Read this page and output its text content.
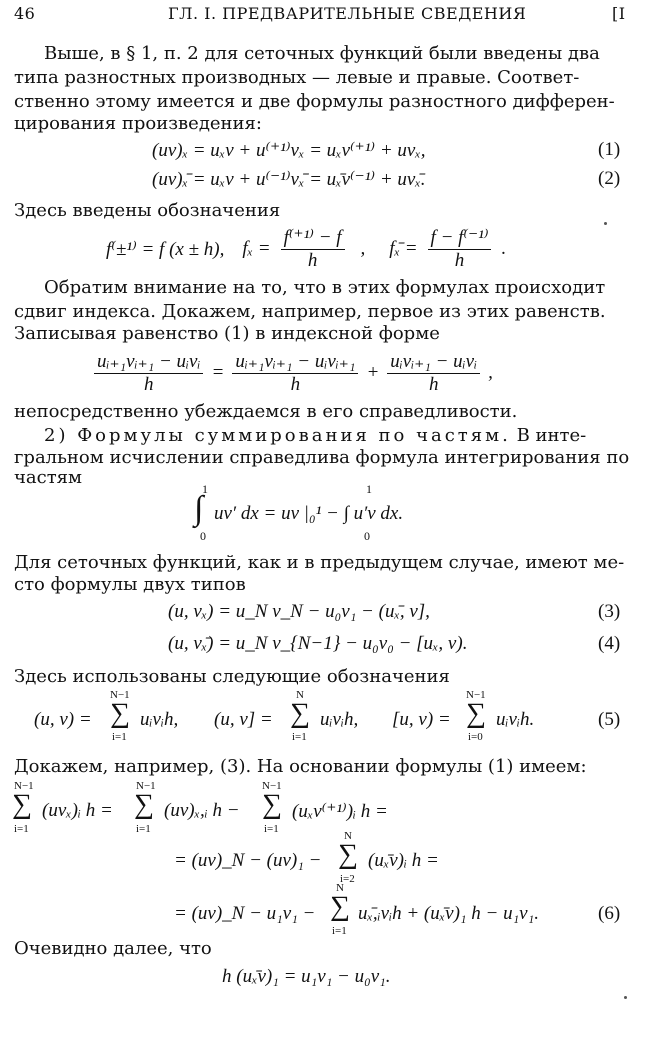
46	ГЛ. I. ПРЕДВАРИТЕЛЬНЫЕ СВЕДЕНИЯ	[I
Выше, в § 1, п. 2 для сеточных функций были введены два
типа разностных производных — левые и правые. Соответ-
ственно этому имеется и две формулы разностного дифферен-
цирования произведения:
(uv)ₓ = uₓv + u⁽⁺¹⁾vₓ = uₓv⁽⁺¹⁾ + uvₓ,	(1)
(uv)ₓ̄ = uₓv + u⁽⁻¹⁾vₓ̄ = uₓ̄v⁽⁻¹⁾ + uvₓ̄.	(2)
Здесь введены обозначения
f⁽±¹⁾ = f (x ± h), $f_x = \frac{\text{f⁽⁺¹⁾ − f}}{h}$ , fₓ̄ = $\frac{\text{f − f⁽⁻¹⁾}}{h}$ .
Обратим внимание на то, что в этих формулах происходит
сдвиг индекса. Докажем, например, первое из этих равенств.
Записывая равенство (1) в индексной форме
$\frac{\text{uᵢ₊₁vᵢ₊₁ − uᵢvᵢ}}{h} = \frac{\text{uᵢ₊₁vᵢ₊₁ − uᵢvᵢ₊₁}}{h} + \frac{\text{uᵢvᵢ₊₁ − uᵢvᵢ}}{h}$ ,
непосредственно убеждаемся в его справедливости.
2) Формулы суммирования по частям. В инте-
гральном исчислении справедлива формула интегрирования по
частям
1
∫
0
uv′ dx = uv |₀¹ − ∫ u′v dx.
1
0
Для сеточных функций, как и в предыдущем случае, имеют ме-
сто формулы двух типов
(u, vₓ) = u_N v_N − u₀v₁ − (uₓ̄, v],	(3)
(u, vₓ̄) = u_N v_{N−1} − u₀v₀ − [uₓ, v).	(4)
Здесь использованы следующие обозначения
(u, v) =
N−1
∑
i=1
uᵢvᵢh, (u, v] =
N
∑
i=1
uᵢvᵢh, [u, v) =
N−1
∑
i=0
uᵢvᵢh.	(5)
Докажем, например, (3). На основании формулы (1) имеем:
N−1
∑
i=1
(uvₓ)ᵢ h =
N−1
∑
i=1
(uv)ₓ,ᵢ h −
N−1
∑
i=1
(uₓv⁽⁺¹⁾)ᵢ h =
= (uv)_N − (uv)₁ −
N
∑
i=2
(uₓ̄v)ᵢ h =
= (uv)_N − u₁v₁ −
N
∑
i=1
uₓ̄,ᵢvᵢh + (uₓ̄v)₁ h − u₁v₁.	(6)
Очевидно далее, что
h (uₓ̄v)₁ = u₁v₁ − u₀v₁.
